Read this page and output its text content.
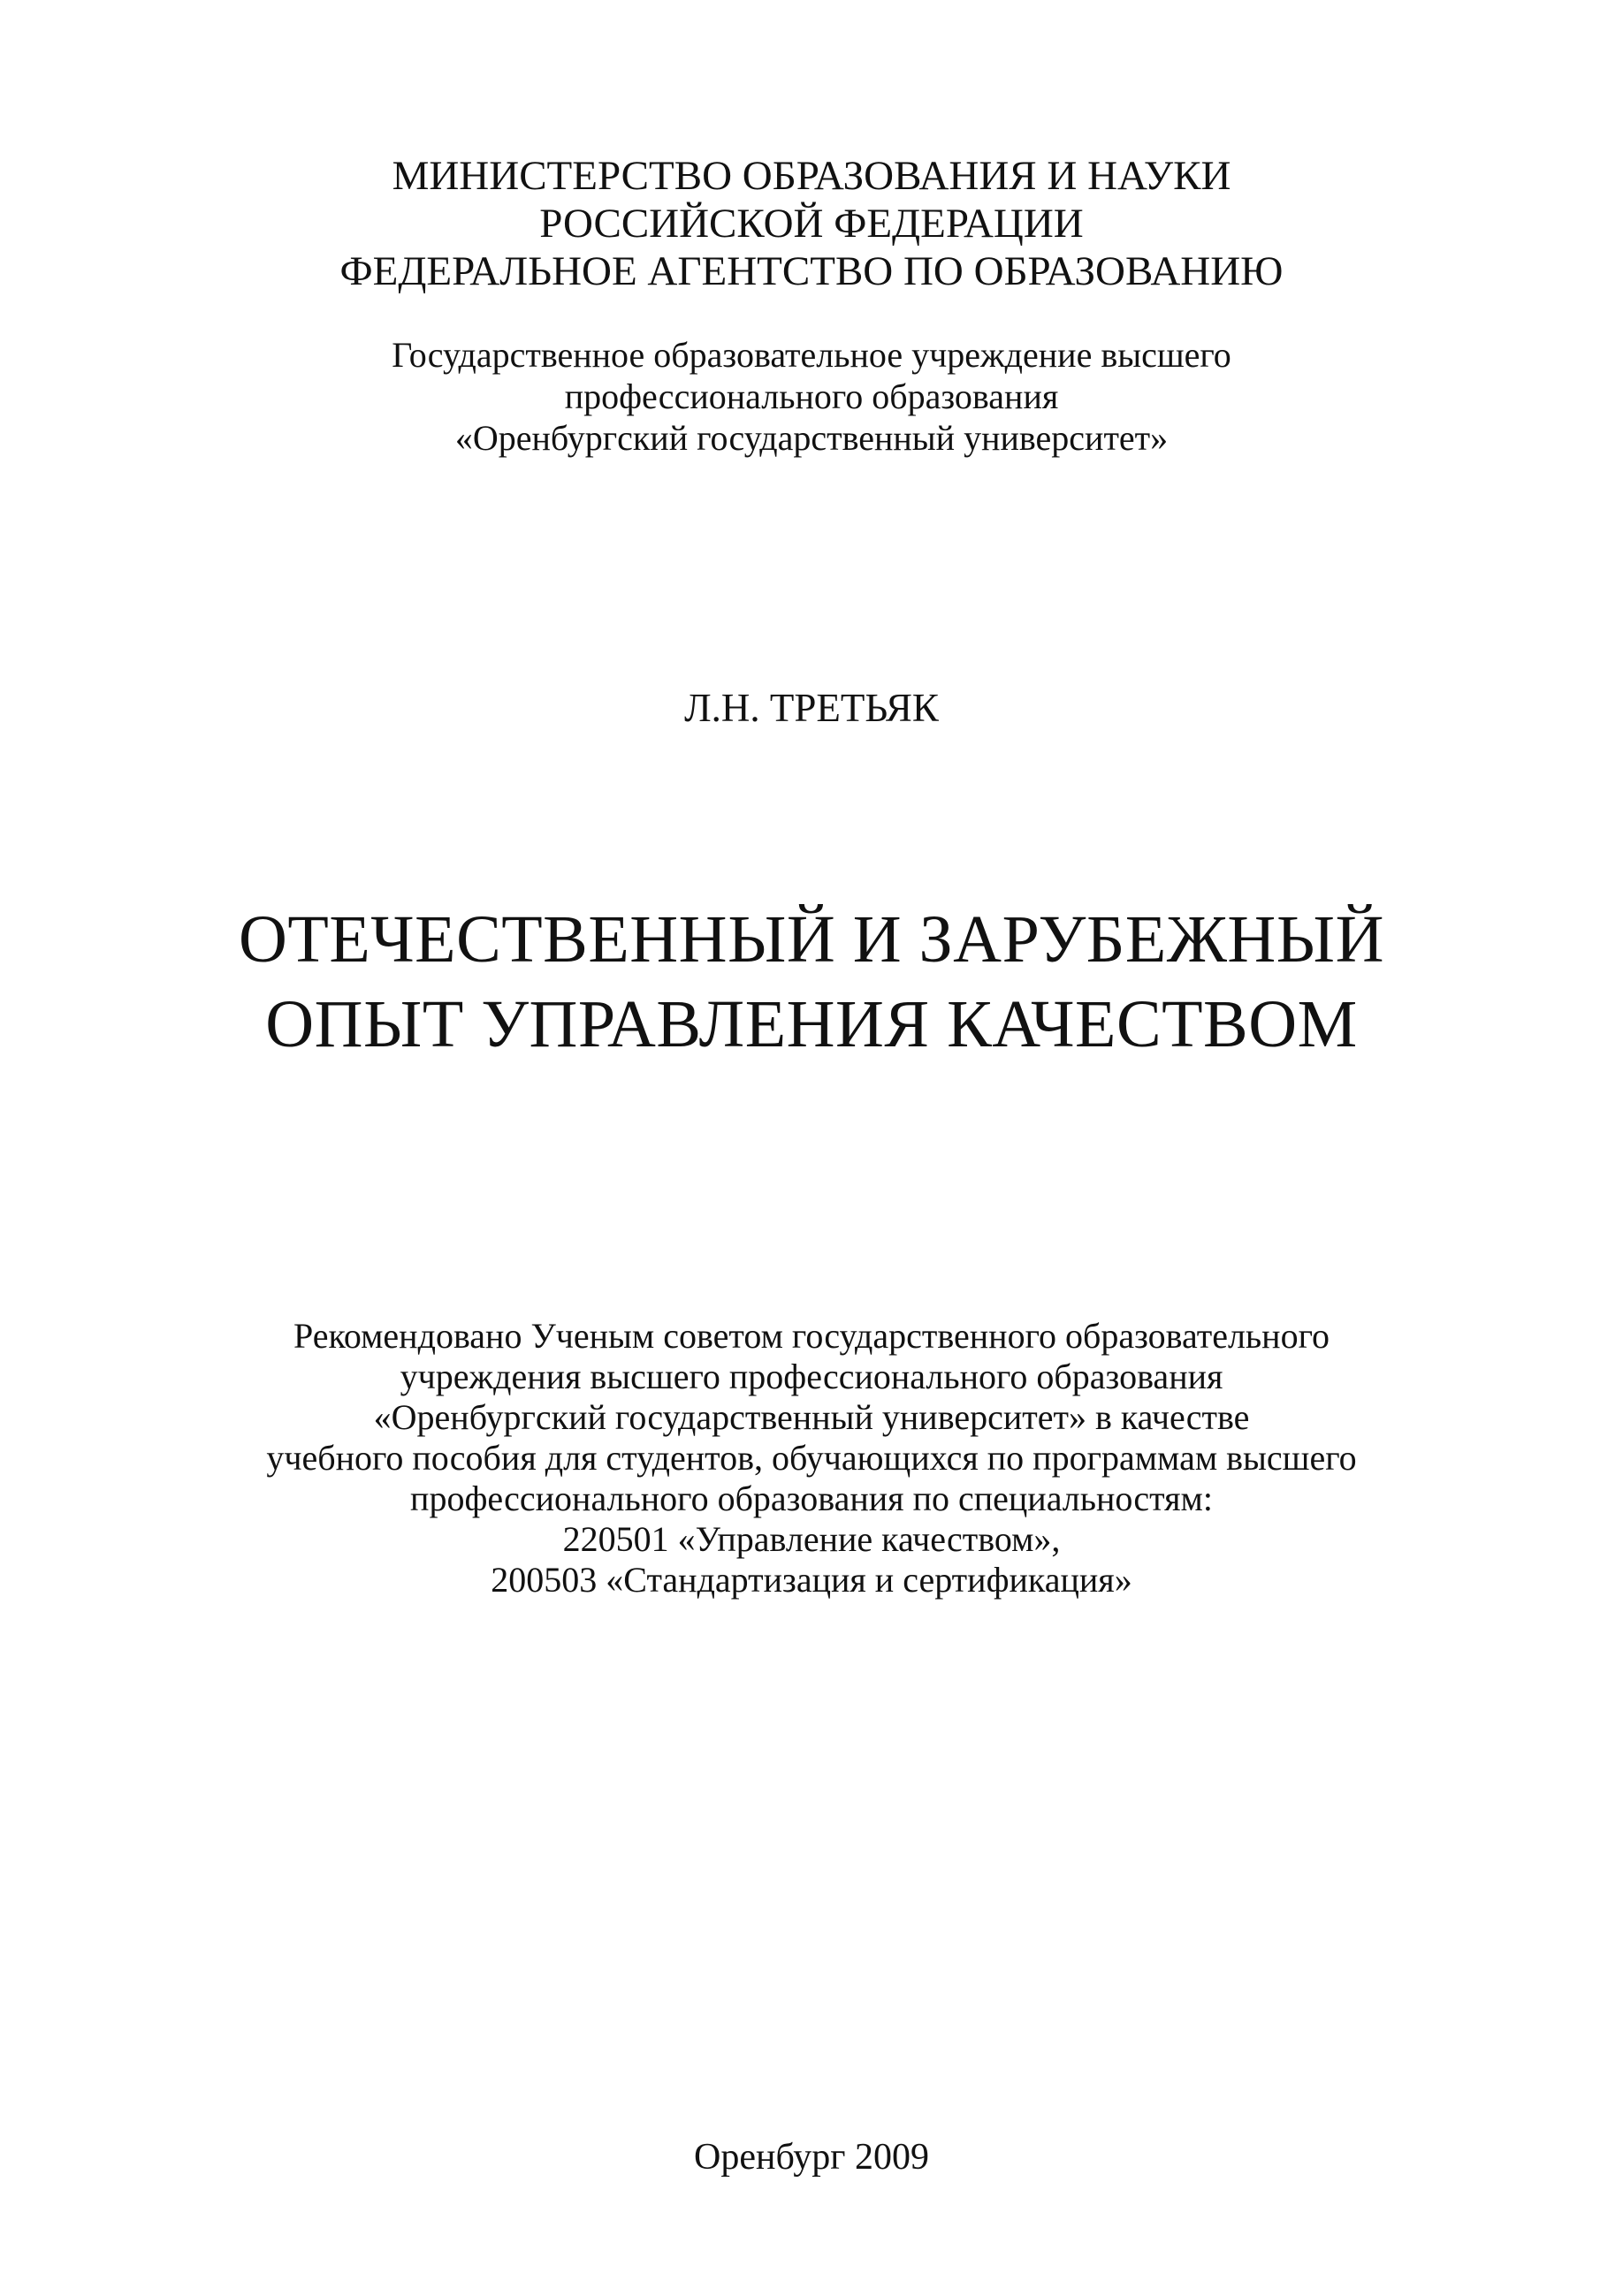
МИНИСТЕРСТВО ОБРАЗОВАНИЯ И НАУКИ
РОССИЙСКОЙ ФЕДЕРАЦИИ
ФЕДЕРАЛЬНОЕ АГЕНТСТВО ПО ОБРАЗОВАНИЮ
Государственное образовательное учреждение высшего
профессионального образования
«Оренбургский государственный университет»
Л.Н. ТРЕТЬЯК
ОТЕЧЕСТВЕННЫЙ И ЗАРУБЕЖНЫЙ
ОПЫТ УПРАВЛЕНИЯ КАЧЕСТВОМ
Рекомендовано Ученым советом государственного образовательного
учреждения высшего профессионального образования
«Оренбургский государственный университет» в качестве
учебного пособия для студентов, обучающихся по программам высшего
профессионального образования по специальностям:
220501 «Управление качеством»,
200503 «Стандартизация и сертификация»
Оренбург 2009
